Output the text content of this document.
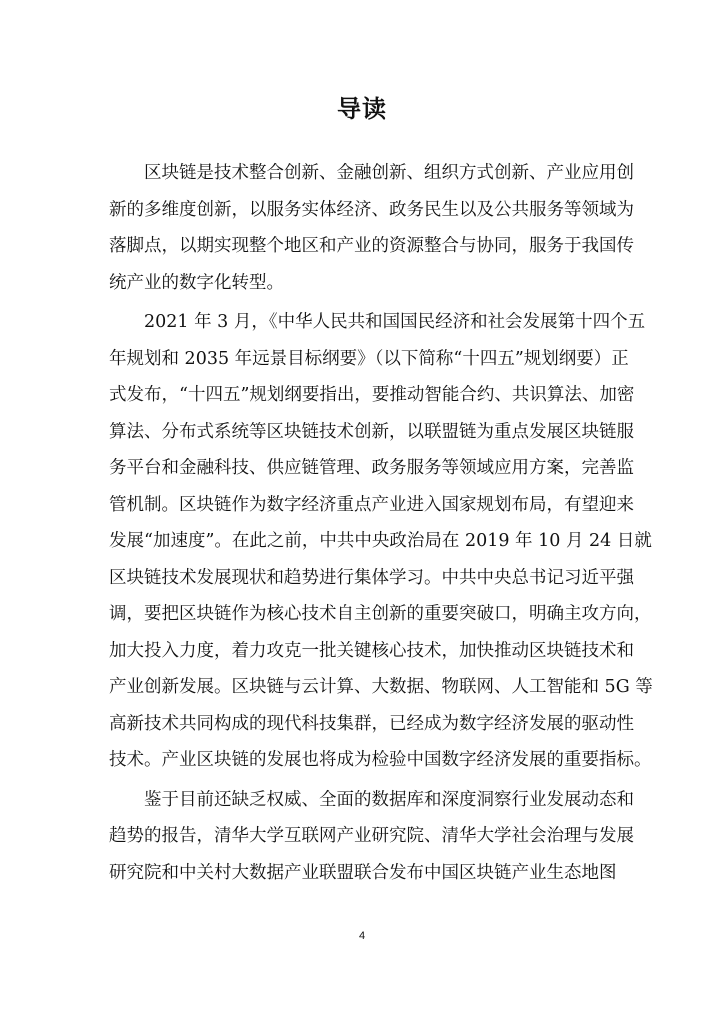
导读
　　区块链是技术整合创新、金融创新、组织方式创新、产业应用创
新的多维度创新，以服务实体经济、政务民生以及公共服务等领域为
落脚点，以期实现整个地区和产业的资源整合与协同，服务于我国传
统产业的数字化转型。
　　2021 年 3 月，《中华人民共和国国民经济和社会发展第十四个五
年规划和 2035 年远景目标纲要》（以下简称“十四五”规划纲要）正
式发布，“十四五”规划纲要指出，要推动智能合约、共识算法、加密
算法、分布式系统等区块链技术创新，以联盟链为重点发展区块链服
务平台和金融科技、供应链管理、政务服务等领域应用方案，完善监
管机制。区块链作为数字经济重点产业进入国家规划布局，有望迎来
发展“加速度”。在此之前，中共中央政治局在 2019 年 10 月 24 日就
区块链技术发展现状和趋势进行集体学习。中共中央总书记习近平强
调，要把区块链作为核心技术自主创新的重要突破口，明确主攻方向，
加大投入力度，着力攻克一批关键核心技术，加快推动区块链技术和
产业创新发展。区块链与云计算、大数据、物联网、人工智能和 5G 等
高新技术共同构成的现代科技集群，已经成为数字经济发展的驱动性
技术。产业区块链的发展也将成为检验中国数字经济发展的重要指标。
　　鉴于目前还缺乏权威、全面的数据库和深度洞察行业发展动态和
趋势的报告，清华大学互联网产业研究院、清华大学社会治理与发展
研究院和中关村大数据产业联盟联合发布中国区块链产业生态地图
4
